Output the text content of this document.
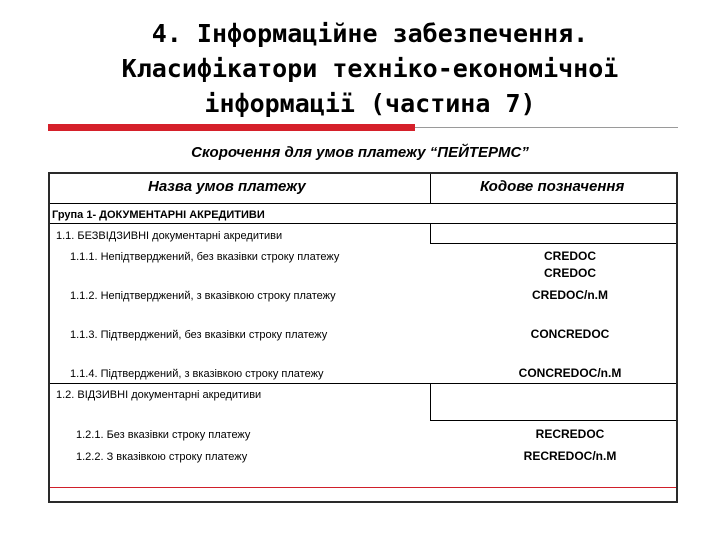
4. Інформаційне забезпечення.
Класифікатори техніко-економічної
інформації (частина 7)
Скорочення для умов платежу “ПЕЙТЕРМС”
Назва умов платежу	Кодове позначення
Група 1- ДОКУМЕНТАРНІ АКРЕДИТИВИ
1.1. БЕЗВІДЗИВНІ документарні акредитиви
1.1.1. Непідтверджений, без вказівки строку платежу	CREDOC
CREDOC
1.1.2. Непідтверджений, з вказівкою строку платежу	CREDOC/n.M
1.1.3. Підтверджений, без вказівки строку платежу	CONCREDOC
1.1.4. Підтверджений, з вказівкою строку платежу	CONCREDOC/n.M
1.2. ВІДЗИВНІ документарні акредитиви
1.2.1. Без вказівки строку платежу	RECREDOC
1.2.2. З вказівкою строку платежу	RECREDOC/n.M
